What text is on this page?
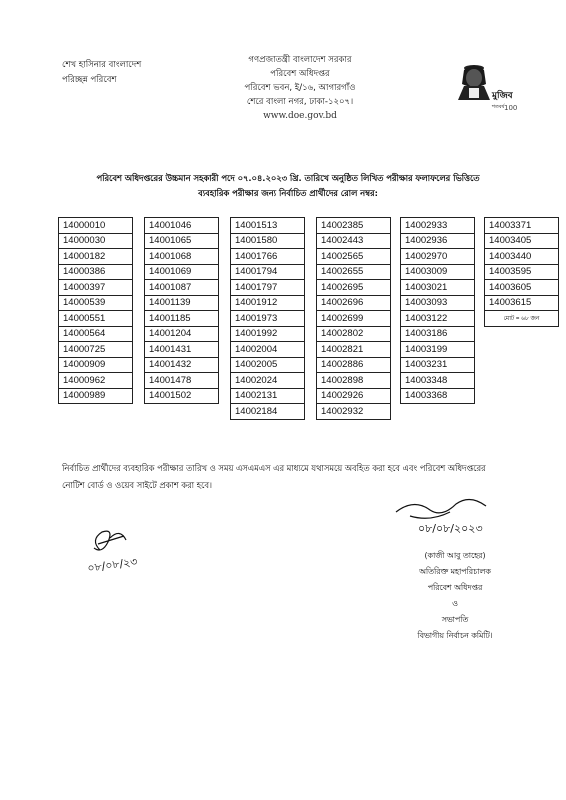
শেখ হাসিনার বাংলাদেশ
পরিচ্ছন্ন পরিবেশ
গণপ্রজাতন্ত্রী বাংলাদেশ সরকার
পরিবেশ অধিদপ্তর
পরিবেশ ভবন, ই/১৬, আগারগাঁও
শেরে বাংলা নগর, ঢাকা-১২০৭।
www.doe.gov.bd
মুজিব
শতবর্ষ 100
পরিবেশ অধিদপ্তরের উচ্চমান সহকারী পদে ০৭.০৪.২০২৩ খ্রি. তারিখে অনুষ্ঠিত লিখিত পরীক্ষার ফলাফলের ভিত্তিতে
ব্যবহারিক পরীক্ষার জন্য নির্বাচিত প্রার্থীদের রোল নম্বর:
14000010
14000030
14000182
14000386
14000397
14000539
14000551
14000564
14000725
14000909
14000962
14000989
14001046
14001065
14001068
14001069
14001087
14001139
14001185
14001204
14001431
14001432
14001478
14001502
14001513
14001580
14001766
14001794
14001797
14001912
14001973
14001992
14002004
14002005
14002024
14002131
14002184
14002385
14002443
14002565
14002655
14002695
14002696
14002699
14002802
14002821
14002886
14002898
14002926
14002932
14002933
14002936
14002970
14003009
14003021
14003093
14003122
14003186
14003199
14003231
14003348
14003368
14003371
14003405
14003440
14003595
14003605
14003615
মোট = ৬৮ জন
নির্বাচিত প্রার্থীদের ব্যবহারিক পরীক্ষার তারিখ ও সময় এসএমএস এর মাধ্যমে যথাসময়ে অবহিত করা হবে এবং পরিবেশ অধিদপ্তরের নোটিশ বোর্ড ও ওয়েব সাইটে প্রকাশ করা হবে।
০৮/০৮/২৩
০৮/০৮/২০২৩
(কাজী আবু তাহের)
অতিরিক্ত মহাপরিচালক
পরিবেশ অধিদপ্তর
ও
সভাপতি
বিভাগীয় নির্বাচন কমিটি।
